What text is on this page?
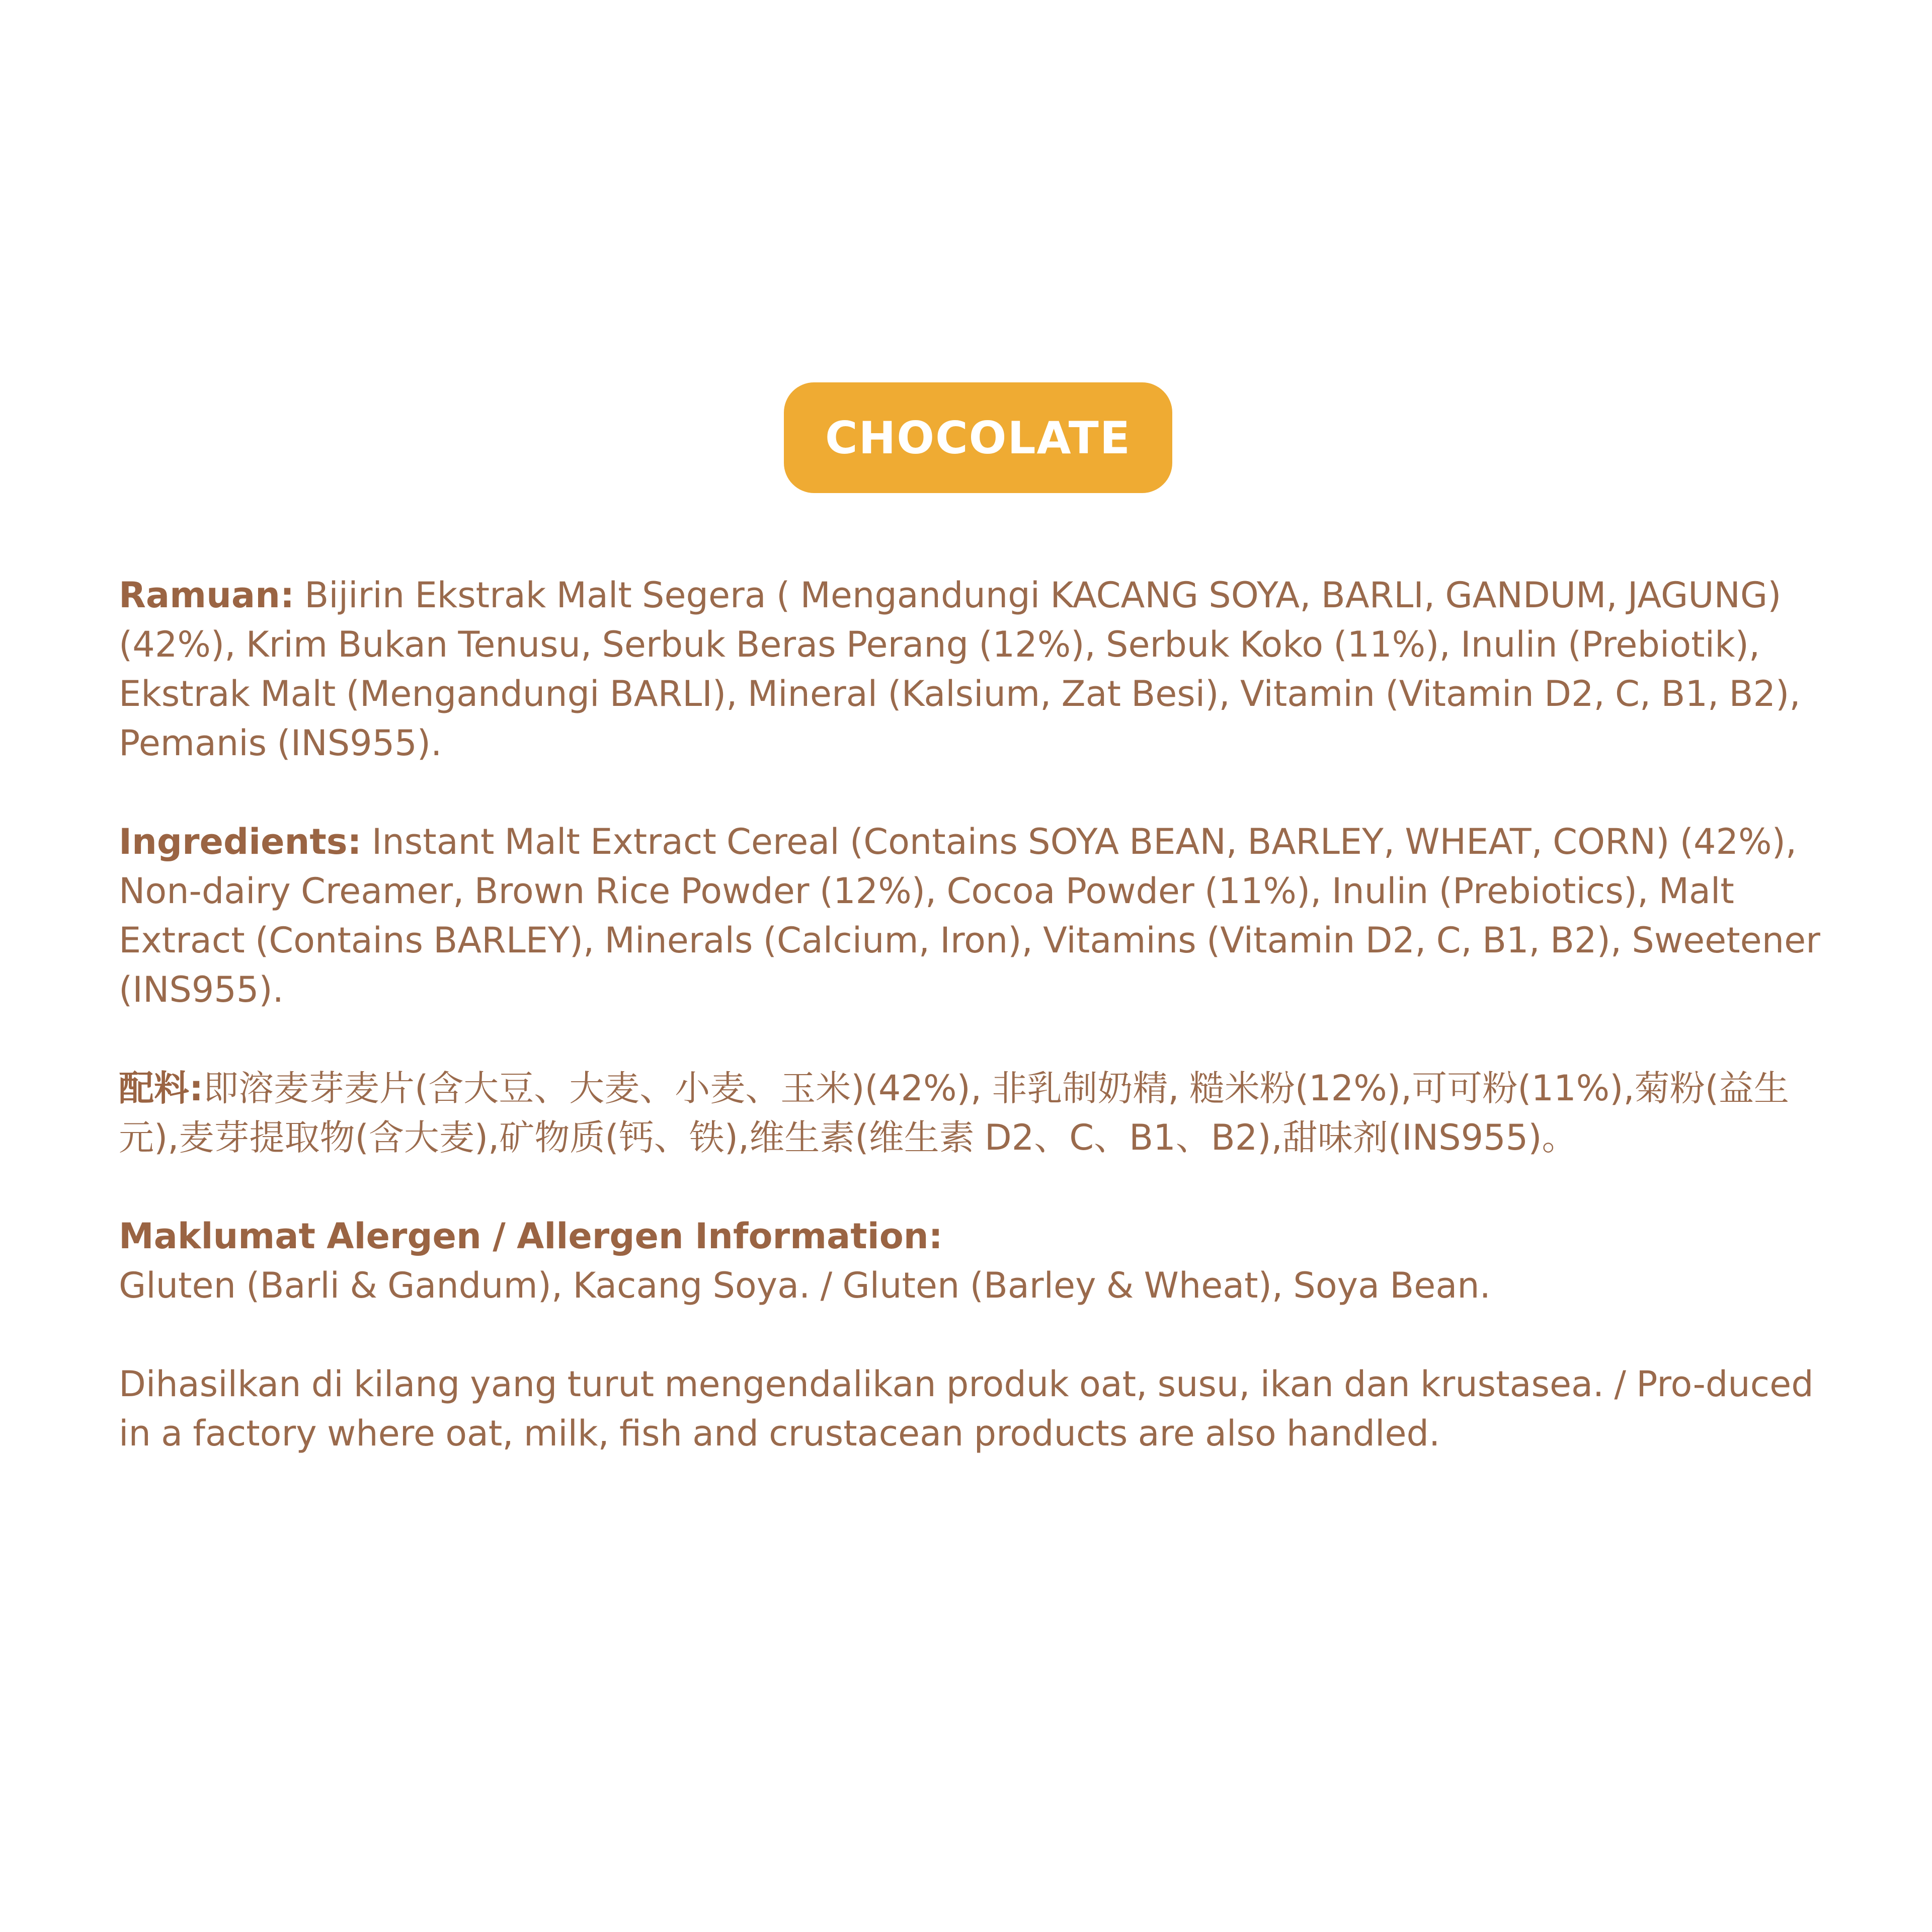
CHOCOLATE

Ramuan: Bijirin Ekstrak Malt Segera ( Mengandungi KACANG SOYA, BARLI, GANDUM, JAGUNG) (42%), Krim Bukan Tenusu, Serbuk Beras Perang (12%), Serbuk Koko (11%), Inulin (Prebiotik), Ekstrak Malt (Mengandungi BARLI), Mineral (Kalsium, Zat Besi), Vitamin (Vitamin D2, C, B1, B2), Pemanis (INS955).

Ingredients: Instant Malt Extract Cereal (Contains SOYA BEAN, BARLEY, WHEAT, CORN) (42%), Non-dairy Creamer, Brown Rice Powder (12%), Cocoa Powder (11%), Inulin (Prebiotics), Malt Extract (Contains BARLEY), Minerals (Calcium, Iron), Vitamins (Vitamin D2, C, B1, B2), Sweetener (INS955).

配料:即溶麦芽麦片(含大豆、大麦、小麦、玉米)(42%), 非乳制奶精, 糙米粉(12%),可可粉(11%),菊粉(益生元),麦芽提取物(含大麦),矿物质(钙、铁),维生素(维生素 D2、C、B1、B2),甜味剂(INS955)。

Maklumat Alergen / Allergen Information:
Gluten (Barli & Gandum), Kacang Soya. / Gluten (Barley & Wheat), Soya Bean.

Dihasilkan di kilang yang turut mengendalikan produk oat, susu, ikan dan krustasea. / Pro-duced in a factory where oat, milk, fish and crustacean products are also handled.
